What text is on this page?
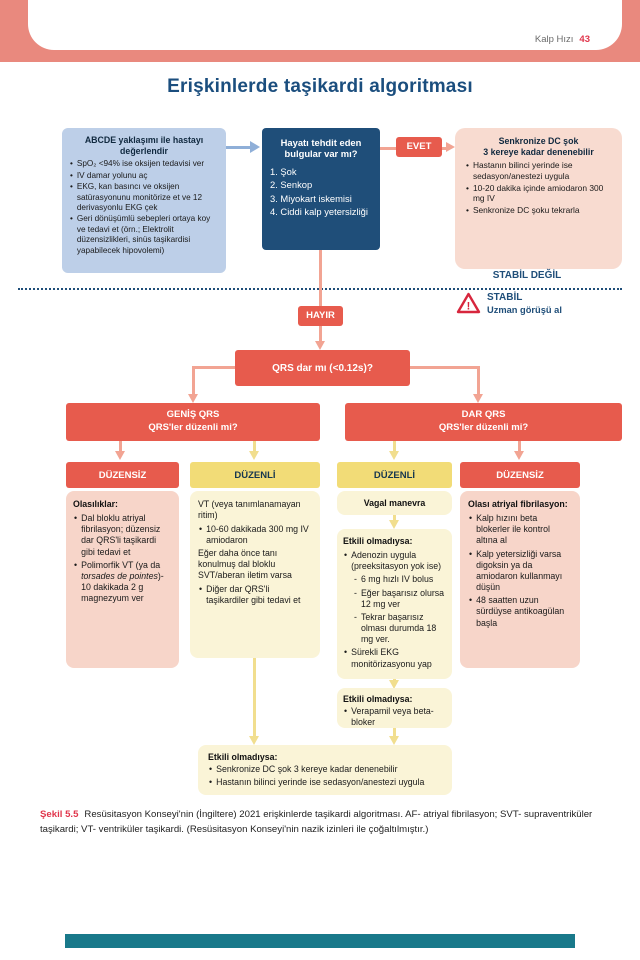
Kalp Hızı 43
Erişkinlerde taşikardi algoritması
ABCDE yaklaşımı ile hastayı değerlendir
• SpO₂ <94% ise oksijen tedavisi ver
• IV damar yolunu aç
• EKG, kan basıncı ve oksijen satürasyonunu monitörize et ve 12 derivasyonlu EKG çek
• Geri dönüşümlü sebepleri ortaya koy ve tedavi et (örn.; Elektrolit düzensizlikleri, sinüs taşikardisi yapabilecek hipovolemi)
Hayatı tehdit eden bulgular var mı?
1. Şok
2. Senkop
3. Miyokart iskemisi
4. Ciddi kalp yetersizliği
EVET	Senkronize DC şok
3 kereye kadar denenebilir
• Hastanın bilinci yerinde ise sedasyon/anestezi uygula
• 10-20 dakika içinde amiodaron 300 mg IV
• Senkronize DC şoku tekrarla
STABİL DEĞİL
!
STABİL
Uzman görüşü al
HAYIR
QRS dar mı (<0.12s)?
GENİŞ QRS
QRS'ler düzenli mi?
DAR QRS
QRS'ler düzenli mi?
DÜZENSİZ	DÜZENLİ	DÜZENLİ	DÜZENSİZ
Olasılıklar:
• Dal bloklu atriyal fibrilasyon; düzensiz dar QRS'li taşikardi gibi tedavi et
• Polimorfik VT (ya da torsades de pointes)- 10 dakikada 2 g magnezyum ver
VT (veya tanımlanamayan ritim)
• 10-60 dakikada 300 mg IV amiodaron
Eğer daha önce tanı konulmuş dal bloklu SVT/aberan iletim varsa
• Diğer dar QRS'li taşikardiler gibi tedavi et
Vagal manevra
Etkili olmadıysa:
• Adenozin uygula (preeksitasyon yok ise)
- 6 mg hızlı IV bolus
- Eğer başarısız olursa 12 mg ver
- Tekrar başarısız olması durumda 18 mg ver.
• Sürekli EKG monitörizasyonu yap
Etkili olmadıysa:
• Verapamil veya beta-bloker
Olası atriyal fibrilasyon:
• Kalp hızını beta blokerler ile kontrol altına al
• Kalp yetersizliği varsa digoksin ya da amiodaron kullanmayı düşün
• 48 saatten uzun sürdüyse antikoagülan başla
Etkili olmadıysa:
• Senkronize DC şok 3 kereye kadar denenebilir
• Hastanın bilinci yerinde ise sedasyon/anestezi uygula
Şekil 5.5 Resüsitasyon Konseyi'nin (İngiltere) 2021 erişkinlerde taşikardi algoritması. AF- atriyal fibrilasyon; SVT- supraventriküler taşikardi; VT- ventriküler taşikardi. (Resüsitasyon Konseyi'nin nazik izinleri ile çoğaltılmıştır.)
